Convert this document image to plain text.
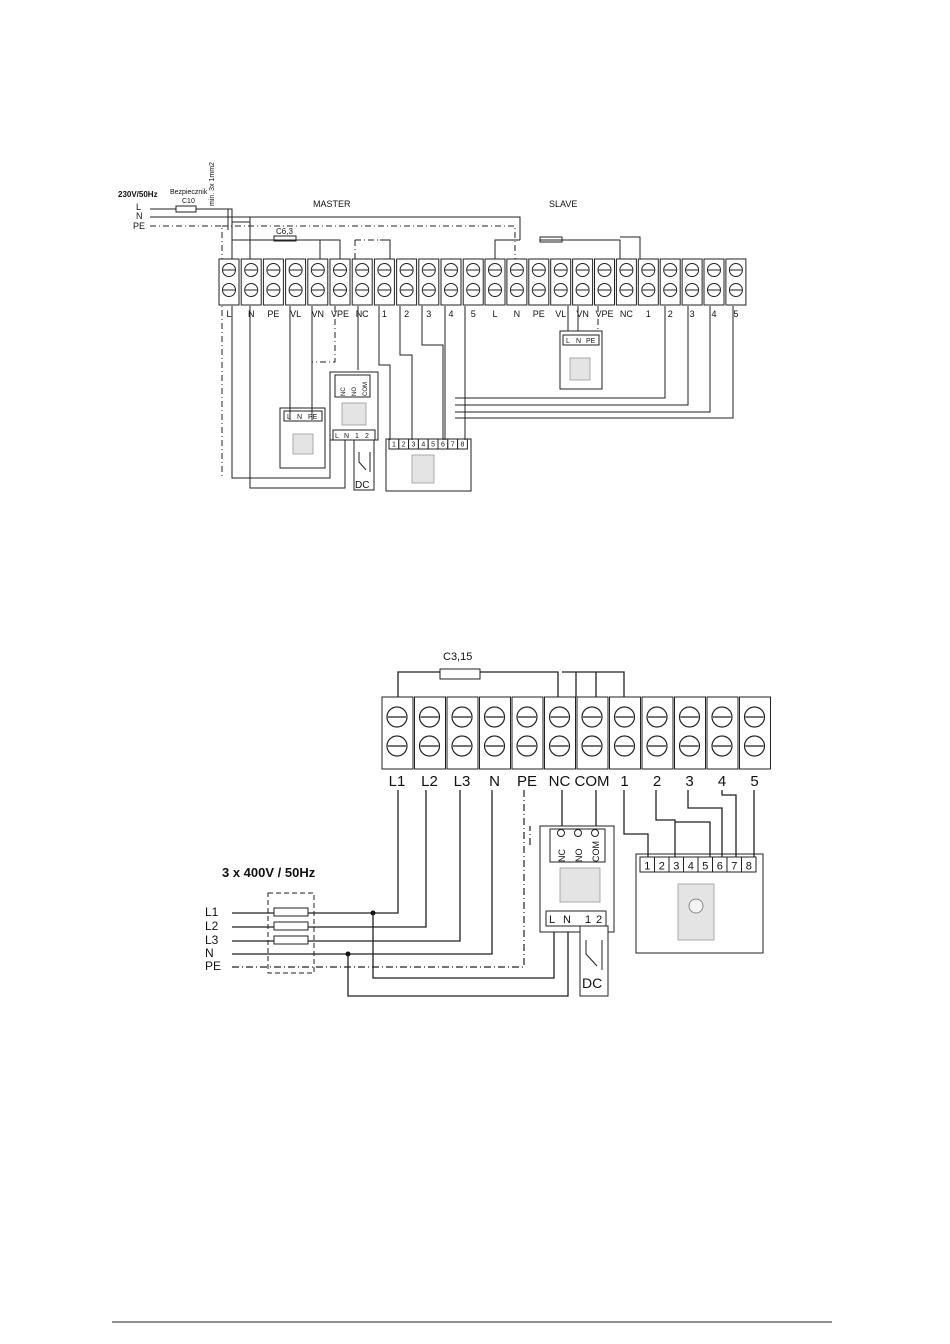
230V/50Hz Bezpiecznik
C10 min. 3x 1mm2
L
N
PE
MASTER	SLAVE
C6,3
L N PE VL VN VPE NC 1 2 3 4 5 L N PE VL VN VPE NC 1 2 3 4 5
L N PE
L N PE
NC NO COM
L N 1 2
DC
1 2 3 4 5 6 7 8
C3,15
L1 L2 L3 N PE NC COM 1 2 3 4 5
3 x 400V / 50Hz
L1
L2
L3
N
PE
NC NO COM
L N 1 2
DC
1 2 3 4 5 6 7 8
